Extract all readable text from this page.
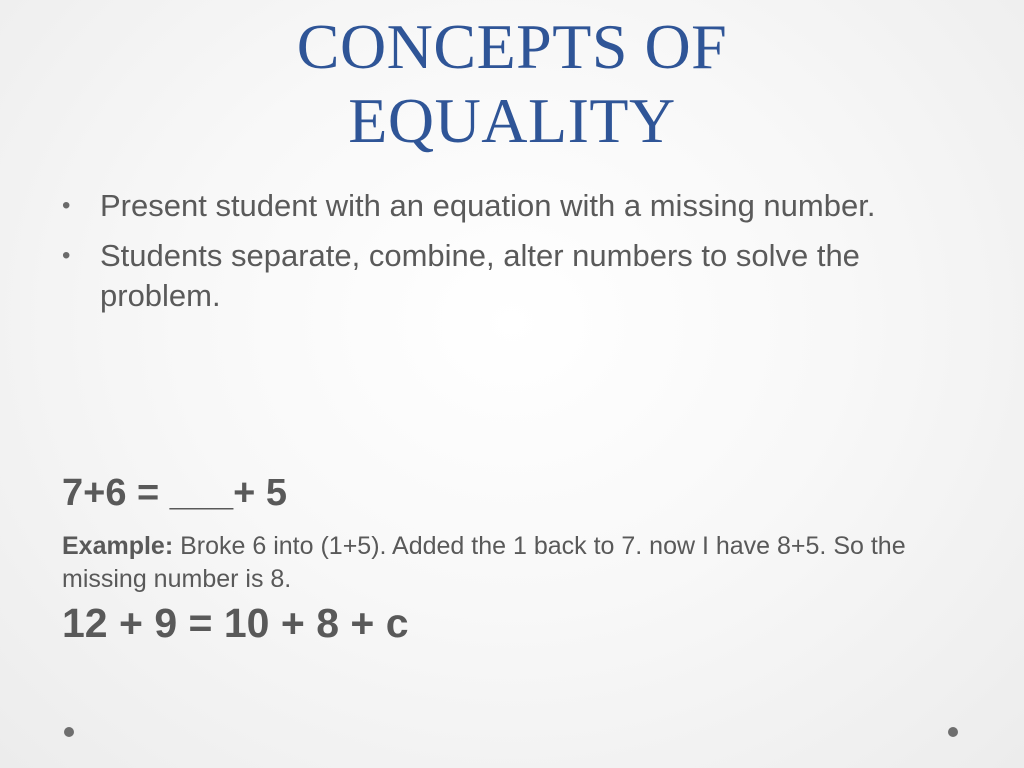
CONCEPTS OF
EQUALITY
• Present student with an equation with a missing number.
• Students separate, combine, alter numbers to solve the problem.
7+6 = ___+ 5
Example: Broke 6 into (1+5). Added the 1 back to 7. now I have 8+5. So the missing number is 8.
12 + 9 = 10 + 8 + c
